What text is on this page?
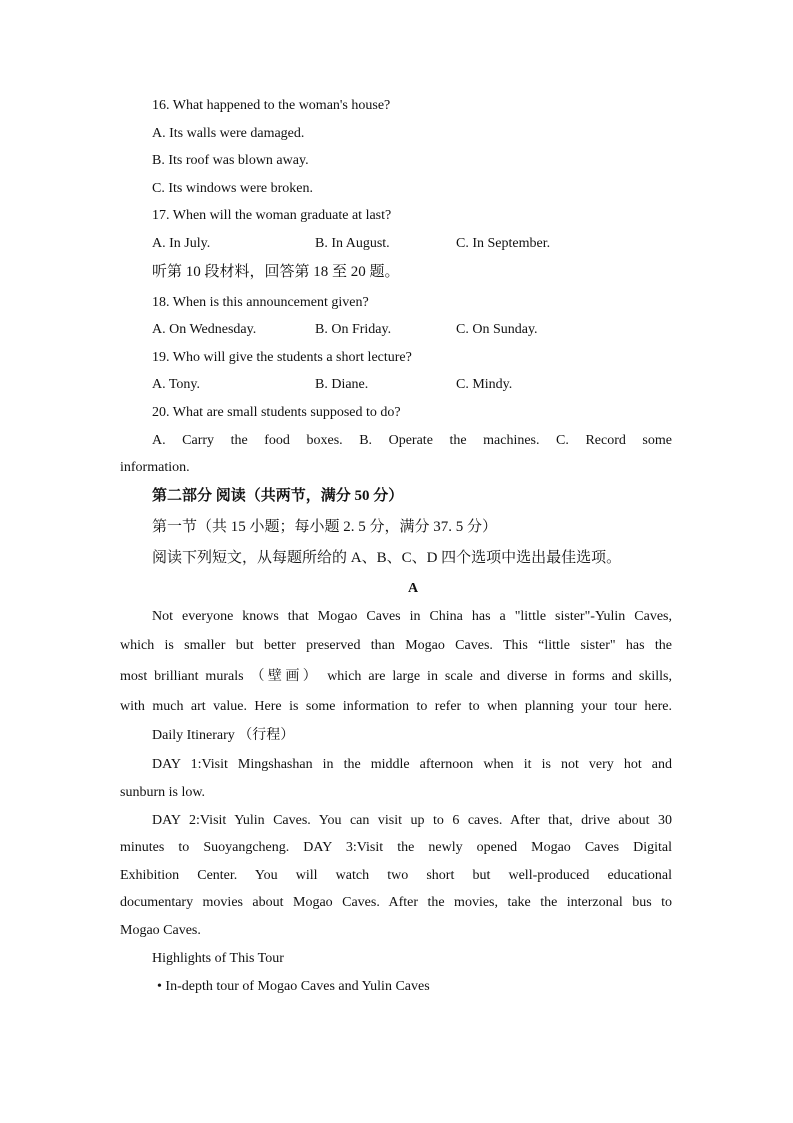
16. What happened to the woman's house?
A. Its walls were damaged.
B. Its roof was blown away.
C. Its windows were broken.
17. When will the woman graduate at last?
A. In July.	B. In August.	C. In September.
听第 10 段材料，回答第 18 至 20 题。
18. When is this announcement given?
A. On Wednesday.	B. On Friday.	C. On Sunday.
19. Who will give the students a short lecture?
A. Tony.	B. Diane.	C. Mindy.
20. What are small students supposed to do?
A. Carry the food boxes. B. Operate the machines. C. Record some
information.
第二部分 阅读（共两节，满分 50 分）
第一节（共 15 小题；每小题 2. 5 分，满分 37. 5 分）
阅读下列短文，从每题所给的 A、B、C、D 四个选项中选出最佳选项。
A
Not everyone knows that Mogao Caves in China has a "little sister"-Yulin Caves,
which is smaller but better preserved than Mogao Caves. This “little sister" has the
most brilliant murals （壁画） which are large in scale and diverse in forms and skills,
with much art value. Here is some information to refer to when planning your tour here.
Daily Itinerary （行程）
DAY 1:Visit Mingshashan in the middle afternoon when it is not very hot and
sunburn is low.
DAY 2:Visit Yulin Caves. You can visit up to 6 caves. After that, drive about 30
minutes to Suoyangcheng. DAY 3:Visit the newly opened Mogao Caves Digital
Exhibition Center. You will watch two short but well-produced educational
documentary movies about Mogao Caves. After the movies, take the interzonal bus to
Mogao Caves.
Highlights of This Tour
• In-depth tour of Mogao Caves and Yulin Caves
